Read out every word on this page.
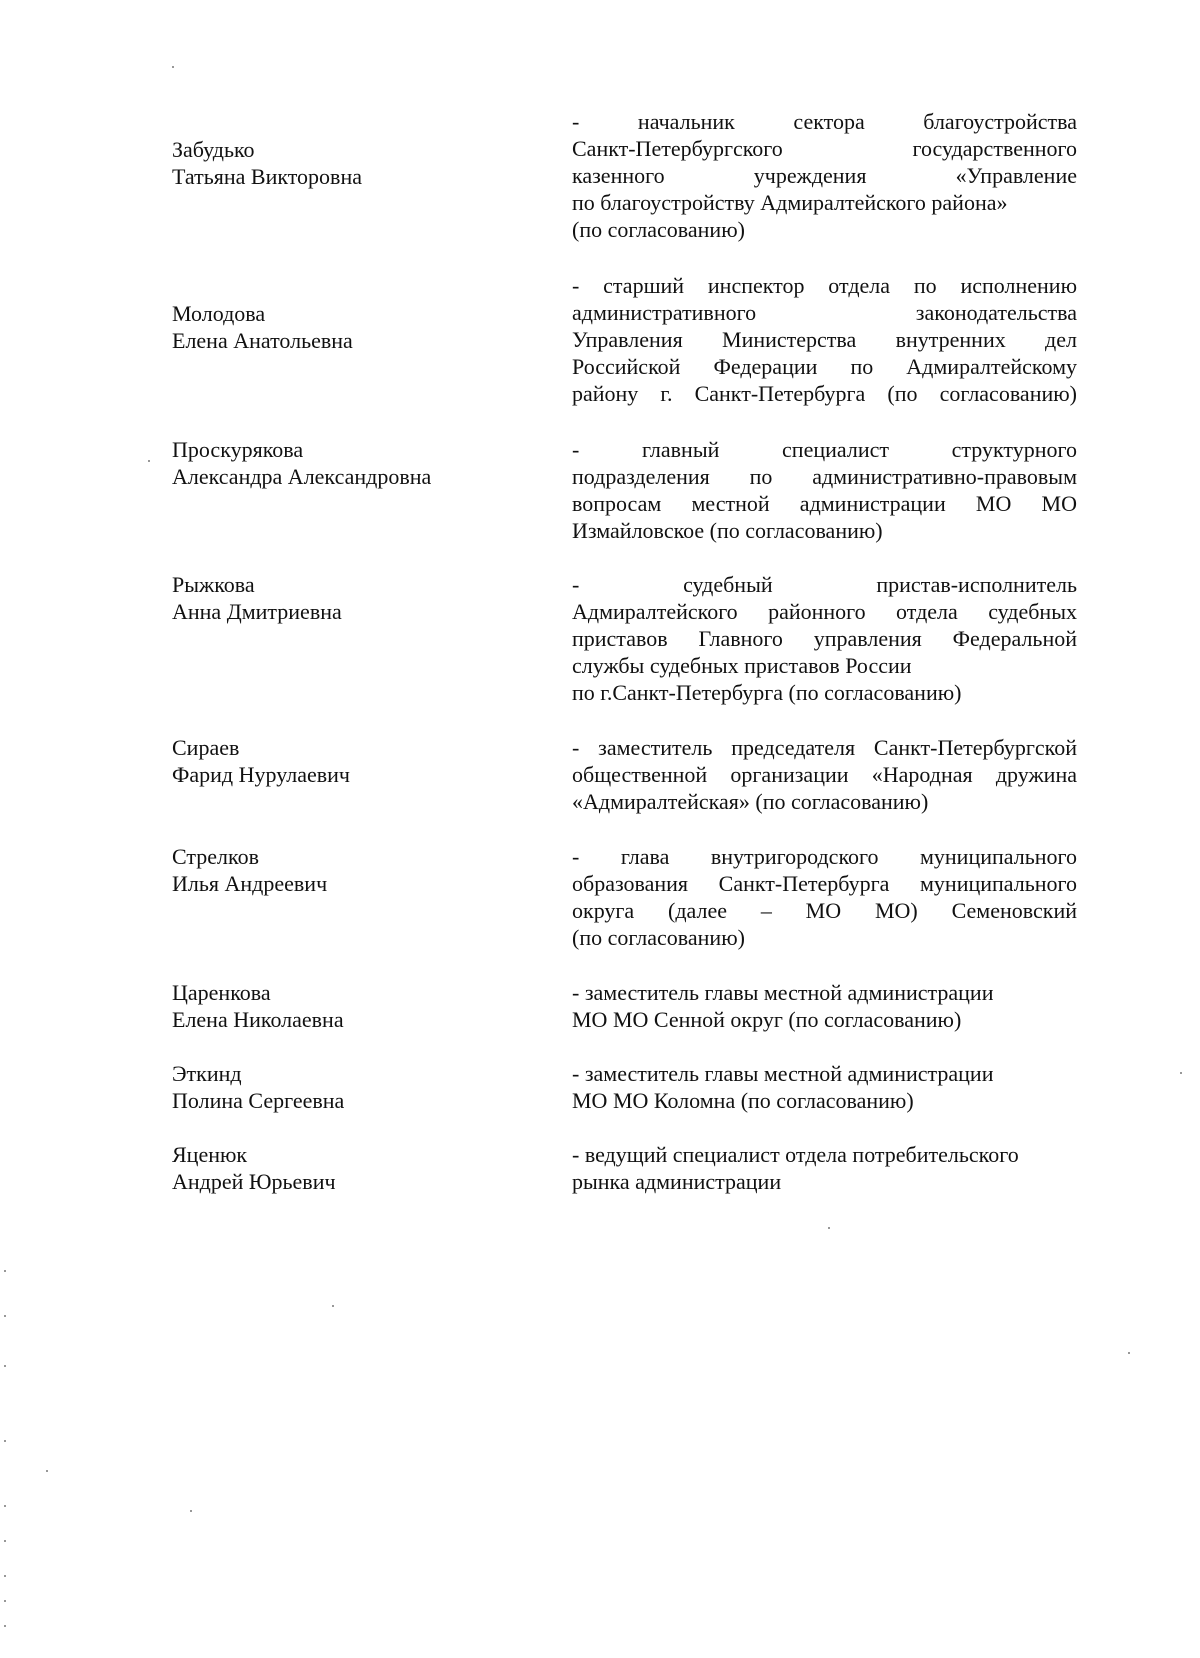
Забудько
Татьяна Викторовна
- начальник сектора благоустройства
Санкт-Петербургского государственного
казенного учреждения «Управление
по благоустройству Адмиралтейского района»
(по согласованию)
Молодова
Елена Анатольевна
- старший инспектор отдела по исполнению
административного законодательства
Управления Министерства внутренних дел
Российской Федерации по Адмиралтейскому
району г. Санкт-Петербурга (по согласованию)
Проскурякова
Александра Александровна
- главный специалист структурного
подразделения по административно-правовым
вопросам местной администрации МО МО
Измайловское (по согласованию)
Рыжкова
Анна Дмитриевна
- судебный пристав-исполнитель
Адмиралтейского районного отдела судебных
приставов Главного управления Федеральной
службы судебных приставов России
по г.Санкт-Петербурга (по согласованию)
Сираев
Фарид Нурулаевич
- заместитель председателя Санкт-Петербургской
общественной организации «Народная дружина
«Адмиралтейская» (по согласованию)
Стрелков
Илья Андреевич
- глава внутригородского муниципального
образования Санкт-Петербурга муниципального
округа (далее – МО МО) Семеновский
(по согласованию)
Царенкова
Елена Николаевна
- заместитель главы местной администрации
МО МО Сенной округ (по согласованию)
Эткинд
Полина Сергеевна
- заместитель главы местной администрации
МО МО Коломна (по согласованию)
Яценюк
Андрей Юрьевич
- ведущий специалист отдела потребительского
рынка администрации
